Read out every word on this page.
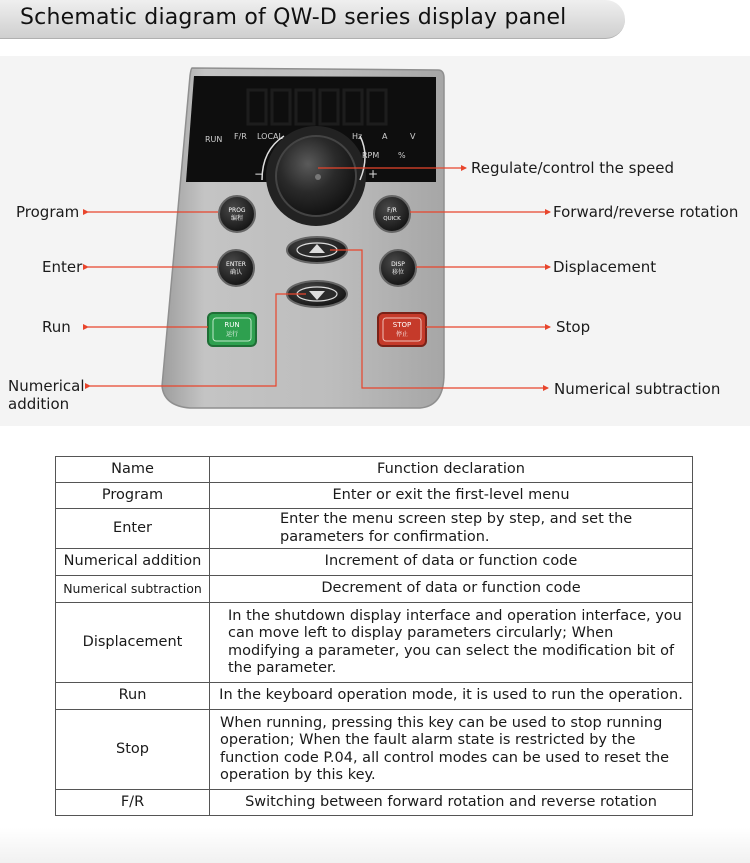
Schematic diagram of QW-D series display panel
RUN F/R LOCAL	Hz A	V
RPM %
−	+
PROG
编程
F/R
QUICK
ENTER
确认
DISP
移位
RUN
运行
STOP
停止
Regulate/control the speed
Program	Forward/reverse rotation
Enter	Displacement
Run	Stop
Numerical addition
Numerical subtraction
Name	Function declaration
Program	Enter or exit the first-level menu
Enter	Enter the menu screen step by step, and set the parameters for confirmation.
Numerical addition	Increment of data or function code
Numerical subtraction	Decrement of data or function code
Displacement	In the shutdown display interface and operation interface, you can move left to display parameters circularly; When modifying a parameter, you can select the modification bit of the parameter.
Run	In the keyboard operation mode, it is used to run the operation.
Stop	When running, pressing this key can be used to stop running operation; When the fault alarm state is restricted by the function code P.04, all control modes can be used to reset the operation by this key.
F/R	Switching between forward rotation and reverse rotation
